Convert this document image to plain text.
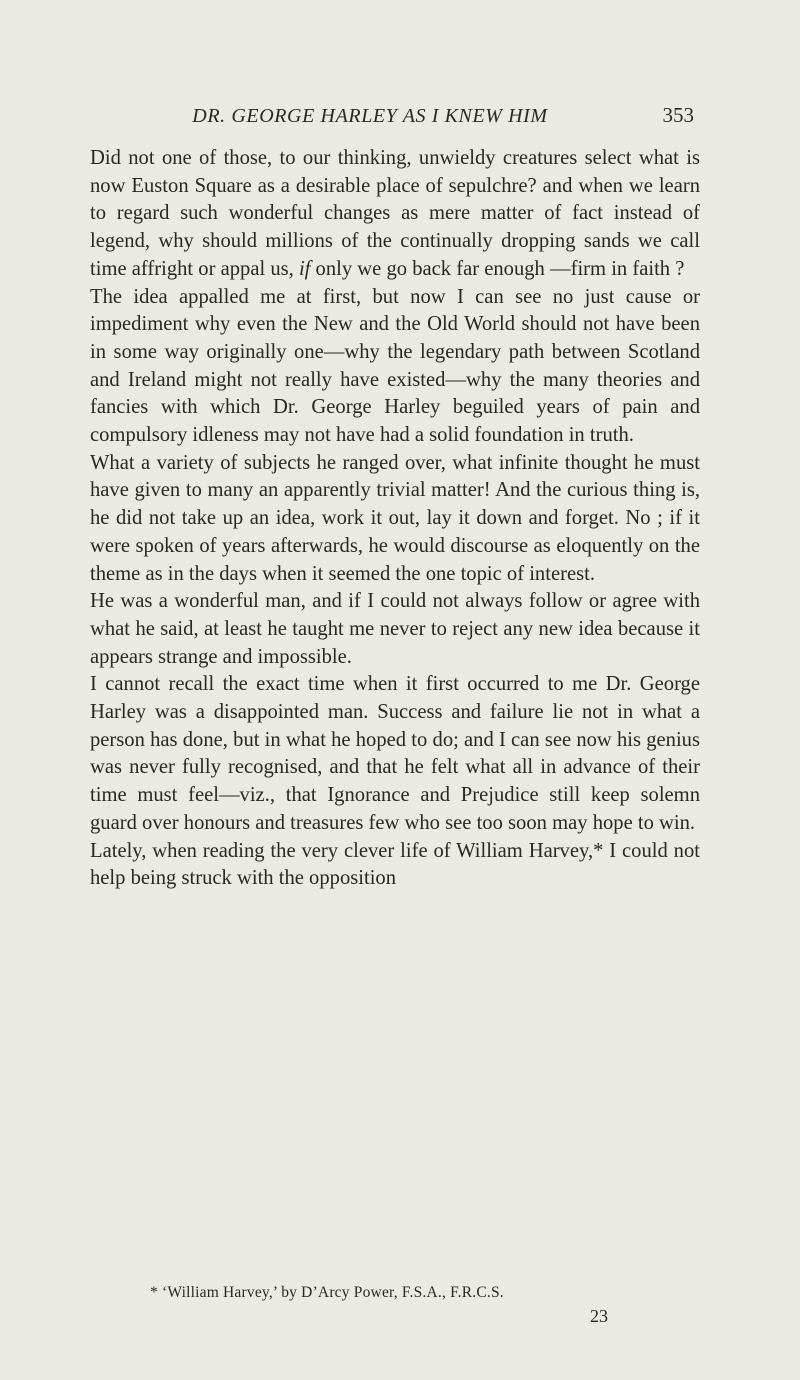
DR. GEORGE HARLEY AS I KNEW HIM	353

Did not one of those, to our thinking, unwieldy creatures select what is now Euston Square as a desirable place of sepulchre? and when we learn to regard such wonderful changes as mere matter of fact instead of legend, why should millions of the continually dropping sands we call time affright or appal us, if only we go back far enough —firm in faith ?

The idea appalled me at first, but now I can see no just cause or impediment why even the New and the Old World should not have been in some way originally one—why the legendary path between Scotland and Ireland might not really have existed—why the many theories and fancies with which Dr. George Harley beguiled years of pain and compulsory idleness may not have had a solid foundation in truth.

What a variety of subjects he ranged over, what infinite thought he must have given to many an apparently trivial matter! And the curious thing is, he did not take up an idea, work it out, lay it down and forget. No ; if it were spoken of years afterwards, he would discourse as eloquently on the theme as in the days when it seemed the one topic of interest.

He was a wonderful man, and if I could not always follow or agree with what he said, at least he taught me never to reject any new idea because it appears strange and impossible.

I cannot recall the exact time when it first occurred to me Dr. George Harley was a disappointed man. Success and failure lie not in what a person has done, but in what he hoped to do; and I can see now his genius was never fully recognised, and that he felt what all in advance of their time must feel—viz., that Ignorance and Prejudice still keep solemn guard over honours and treasures few who see too soon may hope to win.

Lately, when reading the very clever life of William Harvey,* I could not help being struck with the opposition

* ‘William Harvey,’ by D’Arcy Power, F.S.A., F.R.C.S.
23
